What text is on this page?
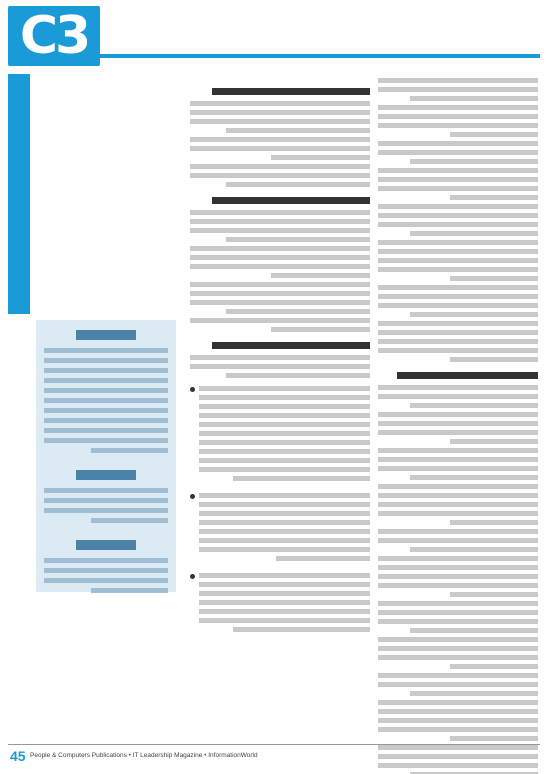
C3
45 People & Computers Publications • IT Leadership Magazine • InformationWorld
